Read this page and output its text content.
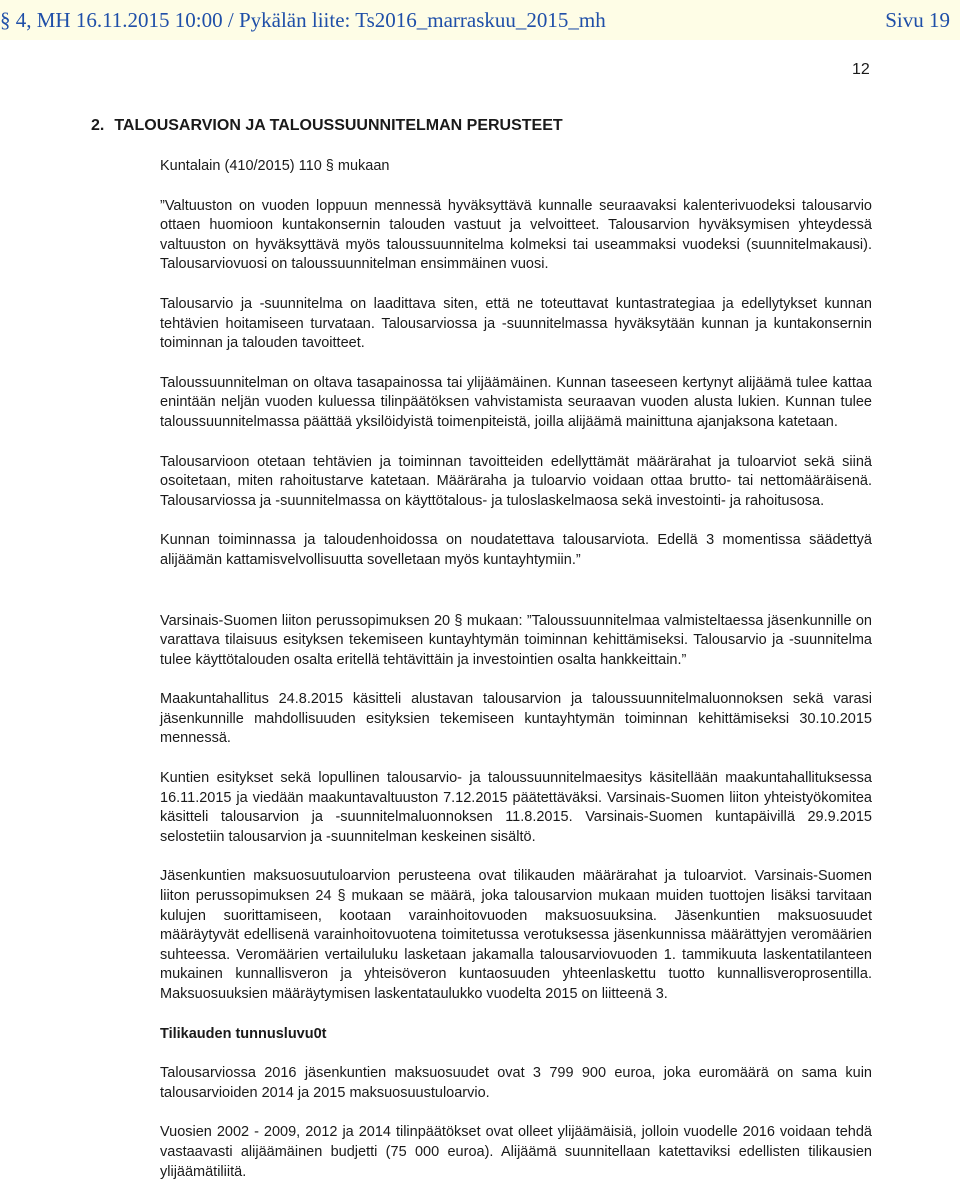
§ 4, MH 16.11.2015 10:00 / Pykälän liite: Ts2016_marraskuu_2015_mh	Sivu 19
12
2. TALOUSARVION JA TALOUSSUUNNITELMAN PERUSTEET

Kuntalain (410/2015) 110 § mukaan

”Valtuuston on vuoden loppuun mennessä hyväksyttävä kunnalle seuraavaksi kalenterivuodeksi talousarvio ottaen huomioon kuntakonsernin talouden vastuut ja velvoitteet. Talousarvion hyväksymisen yhteydessä valtuuston on hyväksyttävä myös taloussuunnitelma kolmeksi tai useammaksi vuodeksi (suunnitelmakausi). Talousarviovuosi on taloussuunnitelman ensimmäinen vuosi.

Talousarvio ja -suunnitelma on laadittava siten, että ne toteuttavat kuntastrategiaa ja edellytykset kunnan tehtävien hoitamiseen turvataan. Talousarviossa ja -suunnitelmassa hyväksytään kunnan ja kuntakonsernin toiminnan ja talouden tavoitteet.

Taloussuunnitelman on oltava tasapainossa tai ylijäämäinen. Kunnan taseeseen kertynyt alijäämä tulee kattaa enintään neljän vuoden kuluessa tilinpäätöksen vahvistamista seuraavan vuoden alusta lukien. Kunnan tulee taloussuunnitelmassa päättää yksilöidyistä toimenpiteistä, joilla alijäämä mainittuna ajanjaksona katetaan.

Talousarvioon otetaan tehtävien ja toiminnan tavoitteiden edellyttämät määrärahat ja tuloarviot sekä siinä osoitetaan, miten rahoitustarve katetaan. Määräraha ja tuloarvio voidaan ottaa brutto- tai nettomääräisenä. Talousarviossa ja -suunnitelmassa on käyttötalous- ja tuloslaskelmaosa sekä investointi- ja rahoitusosa.

Kunnan toiminnassa ja taloudenhoidossa on noudatettava talousarviota. Edellä 3 momentissa säädettyä alijäämän kattamisvelvollisuutta sovelletaan myös kuntayhtymiin.”

Varsinais-Suomen liiton perussopimuksen 20 § mukaan: ”Taloussuunnitelmaa valmisteltaessa jäsenkunnille on varattava tilaisuus esityksen tekemiseen kuntayhtymän toiminnan kehittämiseksi. Talousarvio ja -suunnitelma tulee käyttötalouden osalta eritellä tehtävittäin ja investointien osalta hankkeittain.”

Maakuntahallitus 24.8.2015 käsitteli alustavan talousarvion ja taloussuunnitelmaluonnoksen sekä varasi jäsenkunnille mahdollisuuden esityksien tekemiseen kuntayhtymän toiminnan kehittämiseksi 30.10.2015 mennessä.

Kuntien esitykset sekä lopullinen talousarvio- ja taloussuunnitelmaesitys käsitellään maakuntahallituksessa 16.11.2015 ja viedään maakuntavaltuuston 7.12.2015 päätettäväksi. Varsinais-Suomen liiton yhteistyökomitea käsitteli talousarvion ja -suunnitelmaluonnoksen 11.8.2015. Varsinais-Suomen kuntapäivillä 29.9.2015 selostetiin talousarvion ja -suunnitelman keskeinen sisältö.

Jäsenkuntien maksuosuutuloarvion perusteena ovat tilikauden määrärahat ja tuloarviot. Varsinais-Suomen liiton perussopimuksen 24 § mukaan se määrä, joka talousarvion mukaan muiden tuottojen lisäksi tarvitaan kulujen suorittamiseen, kootaan varainhoitovuoden maksuosuuksina. Jäsenkuntien maksuosuudet määräytyvät edellisenä varainhoitovuotena toimitetussa verotuksessa jäsenkunnissa määrättyjen veromäärien suhteessa. Veromäärien vertailuluku lasketaan jakamalla talousarviovuoden 1. tammikuuta laskentatilanteen mukainen kunnallisveron ja yhteisöveron kuntaosuuden yhteenlaskettu tuotto kunnallisveroprosentilla. Maksuosuuksien määräytymisen laskentataulukko vuodelta 2015 on liitteenä 3.

Tilikauden tunnusluvu0t

Talousarviossa 2016 jäsenkuntien maksuosuudet ovat 3 799 900 euroa, joka euromäärä on sama kuin talousarvioiden 2014 ja 2015 maksuosuustuloarvio.

Vuosien 2002 - 2009, 2012 ja 2014 tilinpäätökset ovat olleet ylijäämäisiä, jolloin vuodelle 2016 voidaan tehdä vastaavasti alijäämäinen budjetti (75 000 euroa). Alijäämä suunnitellaan katettaviksi edellisten tilikausien ylijäämätiliitä.
